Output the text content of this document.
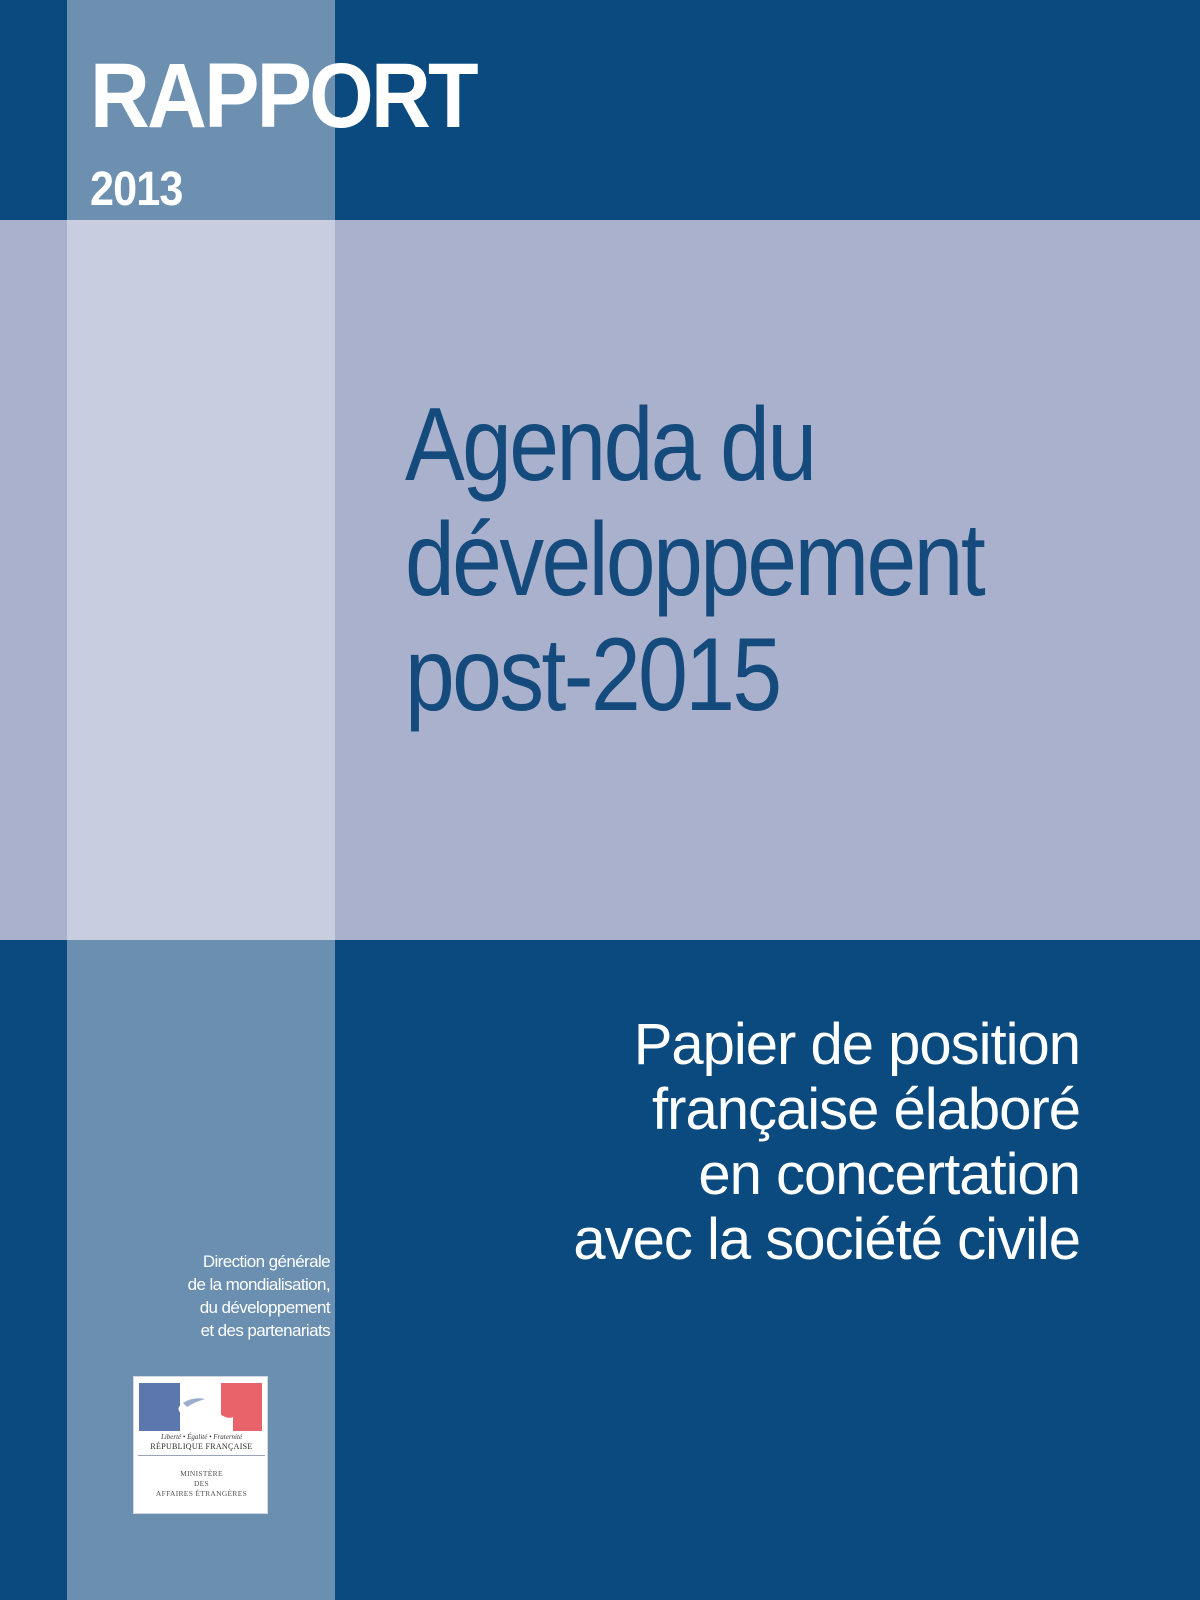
RAPPORT
2013
Agenda du
développement
post-2015
Papier de position
française élaboré
en concertation
avec la société civile
Direction générale
de la mondialisation,
du développement
et des partenariats
Liberté • Égalité • Fraternité
RÉPUBLIQUE FRANÇAISE
MINISTÈRE
DES
AFFAIRES ÉTRANGÈRES
